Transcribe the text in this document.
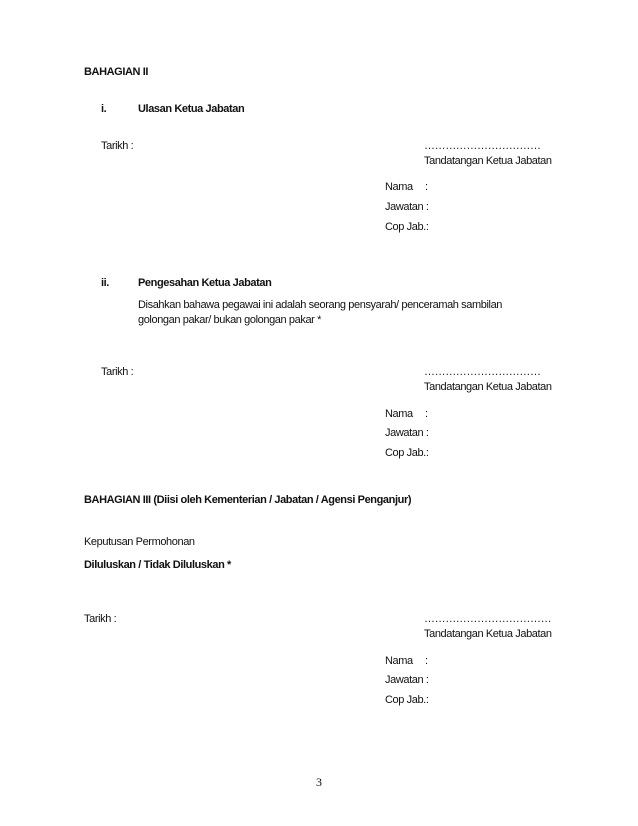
BAHAGIAN II
i.	Ulasan Ketua Jabatan
Tarikh :	……………………………
Tandatangan Ketua Jabatan
Nama :
Jawatan :
Cop Jab.:
ii.	Pengesahan Ketua Jabatan
Disahkan bahawa pegawai ini adalah seorang pensyarah/ penceramah sambilan
golongan pakar/ bukan golongan pakar *
Tarikh :	……………………………
Tandatangan Ketua Jabatan
Nama :
Jawatan :
Cop Jab.:
BAHAGIAN III (Diisi oleh Kementerian / Jabatan / Agensi Penganjur)
Keputusan Permohonan
Diluluskan / Tidak Diluluskan *
Tarikh :	………………………………
Tandatangan Ketua Jabatan
Nama :
Jawatan :
Cop Jab.:
3
